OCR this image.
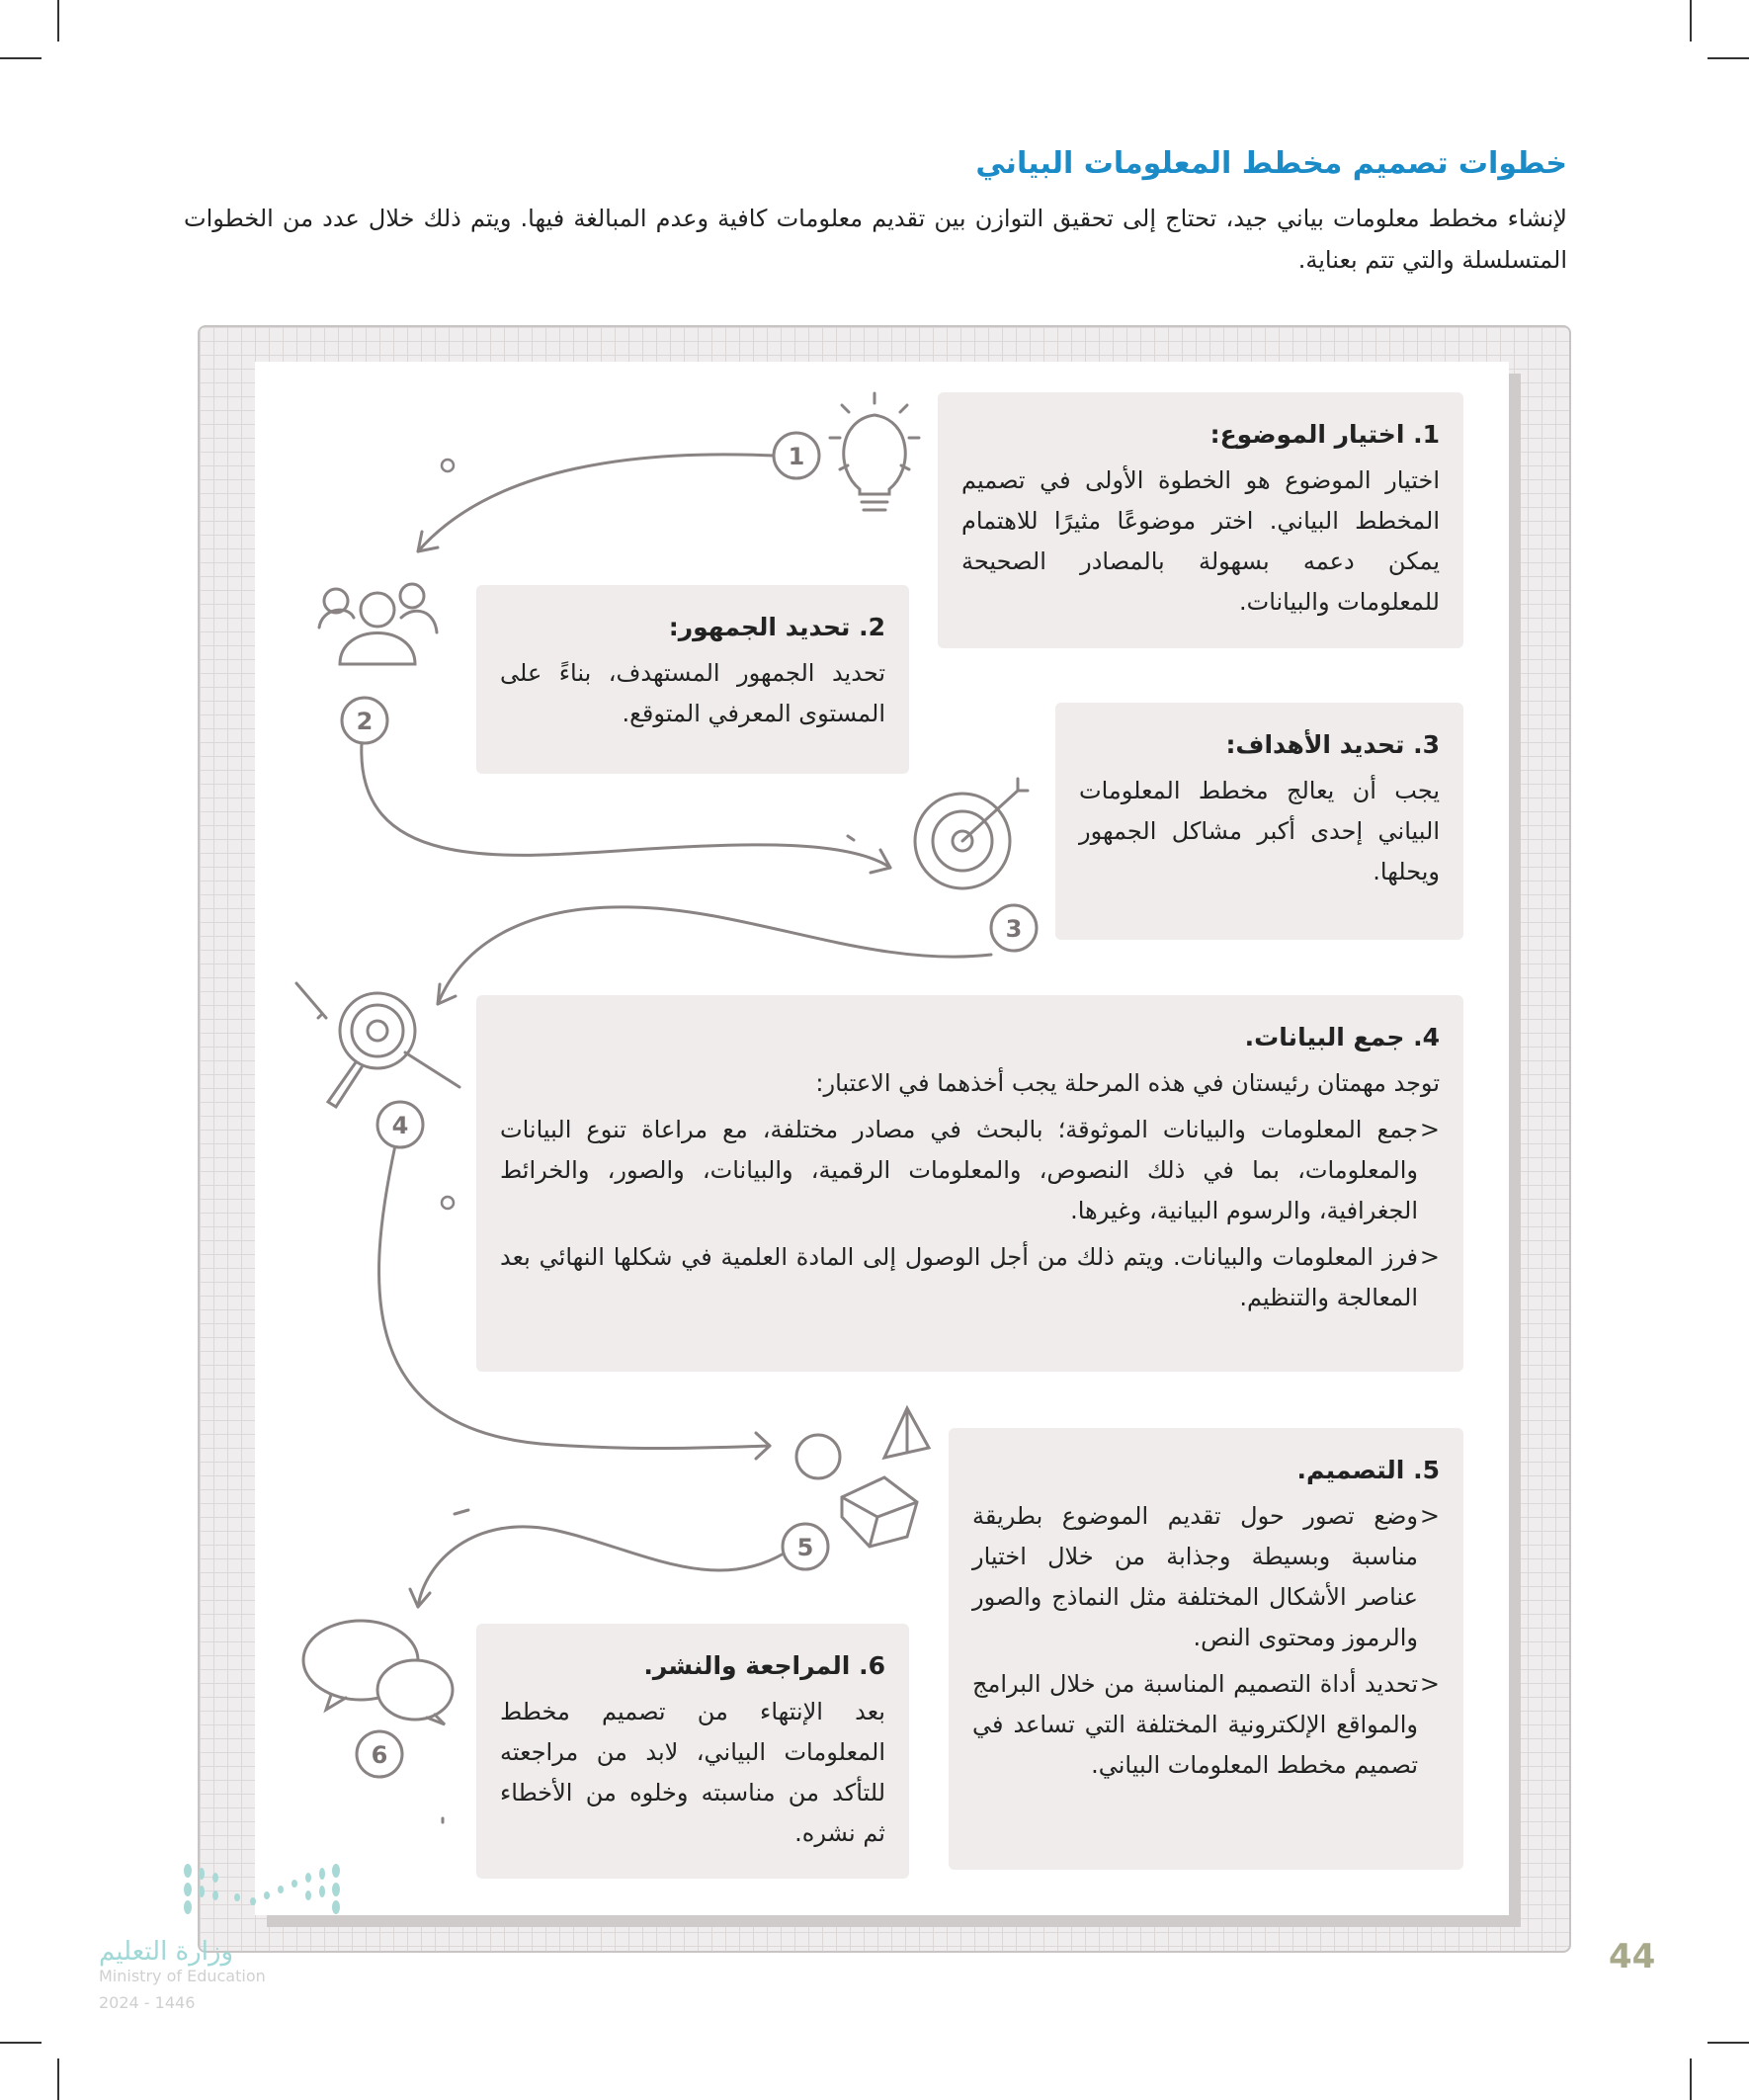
خطوات تصميم مخطط المعلومات البياني
لإنشاء مخطط معلومات بياني جيد، تحتاج إلى تحقيق التوازن بين تقديم معلومات كافية وعدم المبالغة فيها. ويتم ذلك خلال عدد من الخطوات المتسلسلة والتي تتم بعناية.
1
2
3
4
5
6
1. اختيار الموضوع:

اختيار الموضوع هو الخطوة الأولى في تصميم المخطط البياني. اختر موضوعًا مثيرًا للاهتمام يمكن دعمه بسهولة بالمصادر الصحيحة للمعلومات والبيانات.

2. تحديد الجمهور:

تحديد الجمهور المستهدف، بناءً على المستوى المعرفي المتوقع.

3. تحديد الأهداف:

يجب أن يعالج مخطط المعلومات البياني إحدى أكبر مشاكل الجمهور ويحلها.

4. جمع البيانات.

توجد مهمتان رئيستان في هذه المرحلة يجب أخذهما في الاعتبار:

<
جمع المعلومات والبيانات الموثوقة؛ بالبحث في مصادر مختلفة، مع مراعاة تنوع البيانات والمعلومات، بما في ذلك النصوص، والمعلومات الرقمية، والبيانات، والصور، والخرائط الجغرافية، والرسوم البيانية، وغيرها.
<
فرز المعلومات والبيانات. ويتم ذلك من أجل الوصول إلى المادة العلمية في شكلها النهائي بعد المعالجة والتنظيم.
5. التصميم.
<
وضع تصور حول تقديم الموضوع بطريقة مناسبة وبسيطة وجذابة من خلال اختيار عناصر الأشكال المختلفة مثل النماذج والصور والرموز ومحتوى النص.
<
تحديد أداة التصميم المناسبة من خلال البرامج والمواقع الإلكترونية المختلفة التي تساعد في تصميم مخطط المعلومات البياني.
6. المراجعة والنشر.

بعد الإنتهاء من تصميم مخطط المعلومات البياني، لابد من مراجعته للتأكد من مناسبته وخلوه من الأخطاء ثم نشره.

وزارة التعليم
Ministry of Education
2024 - 1446
44
